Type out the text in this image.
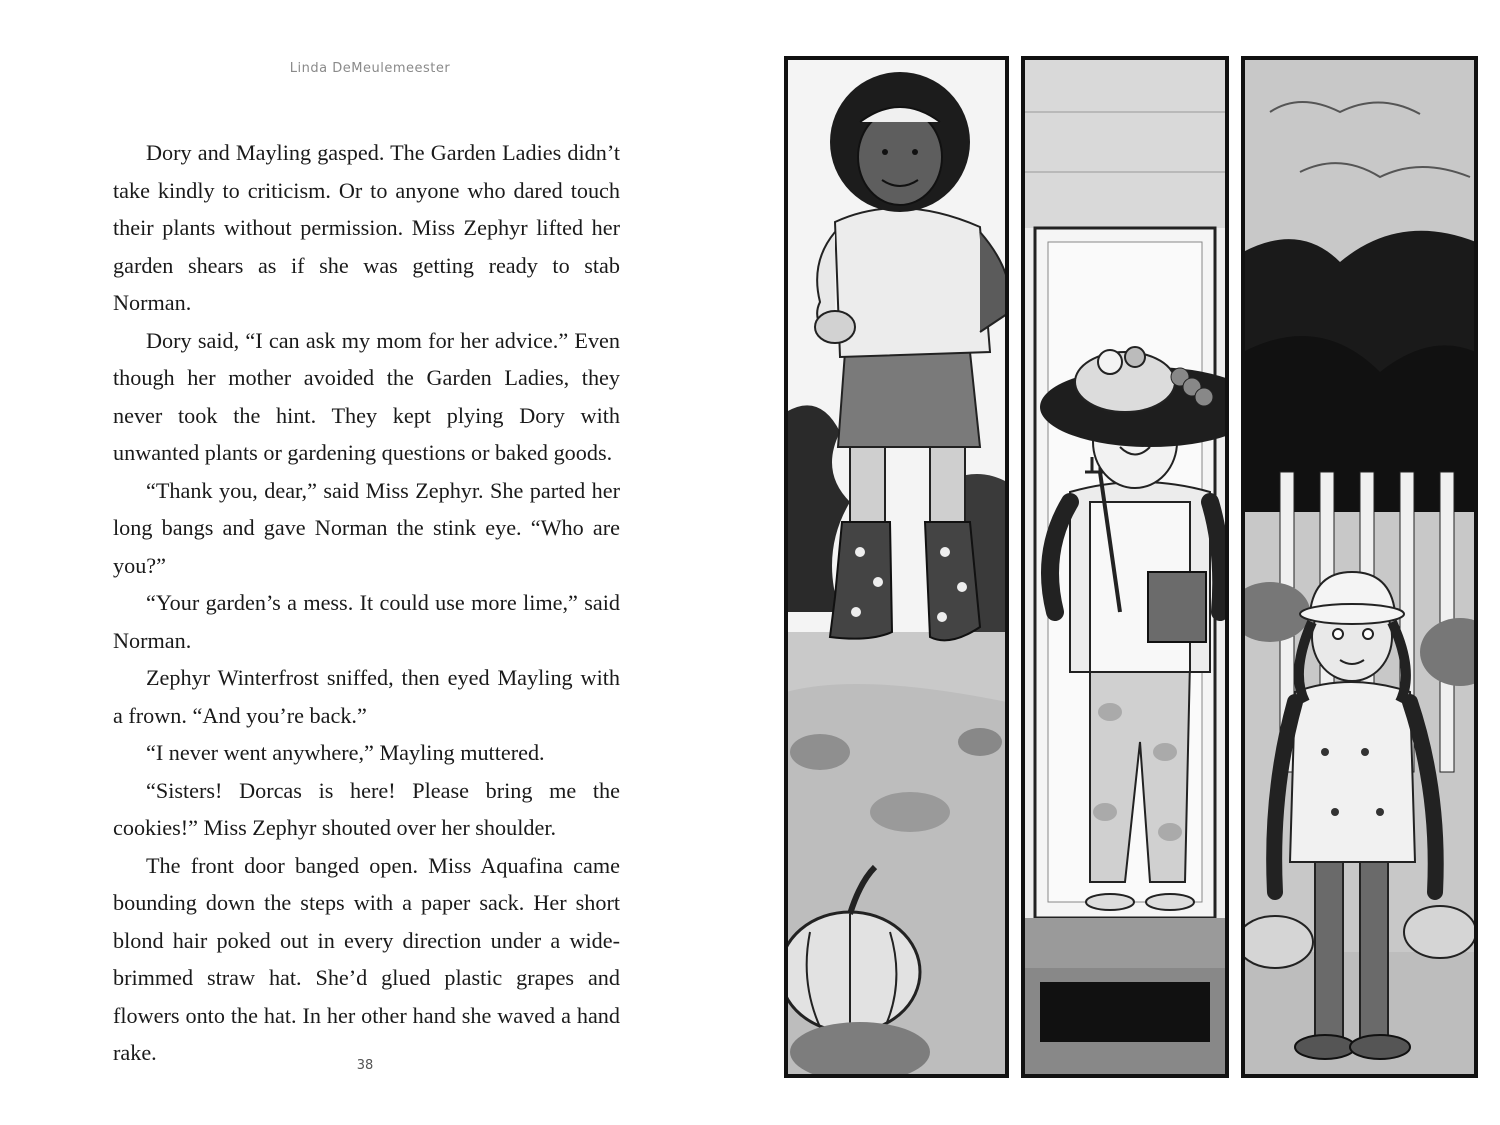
Linda DeMeulemeester

Dory and Mayling gasped. The Garden Ladies didn’t take kindly to criticism. Or to anyone who dared touch their plants without permission. Miss Zephyr lifted her garden shears as if she was getting ready to stab Norman.

Dory said, “I can ask my mom for her advice.” Even though her mother avoided the Garden Ladies, they never took the hint. They kept plying Dory with unwanted plants or gardening questions or baked goods.

“Thank you, dear,” said Miss Zephyr. She parted her long bangs and gave Norman the stink eye. “Who are you?”

“Your garden’s a mess. It could use more lime,” said Norman.

Zephyr Winterfrost sniffed, then eyed Mayling with a frown. “And you’re back.”

“I never went anywhere,” Mayling muttered.

“Sisters! Dorcas is here! Please bring me the cookies!” Miss Zephyr shouted over her shoulder.

The front door banged open. Miss Aquafina came bounding down the steps with a paper sack. Her short blond hair poked out in every direction under a wide-brimmed straw hat. She’d glued plastic grapes and flowers onto the hat. In her other hand she waved a hand rake.

38
